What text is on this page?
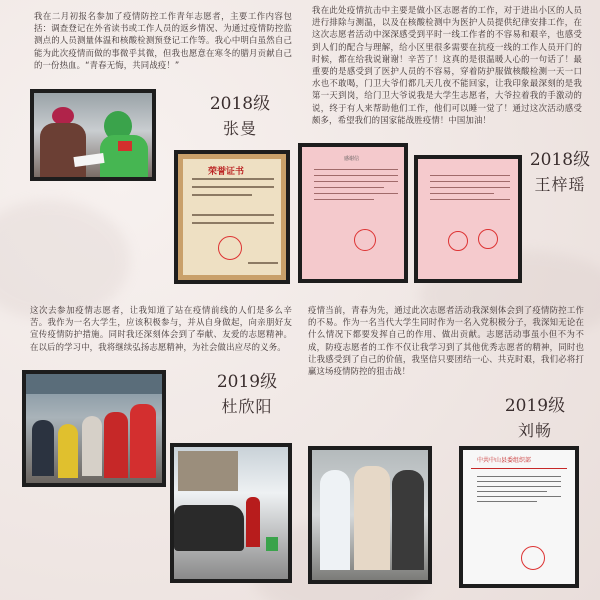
我在二月初报名参加了疫情防控工作青年志愿者，主要工作内容包括：调查登记在外省读书或工作人员的返乡情况、为通过疫情防控监测点的人员测量体温和核酸检测预登记工作等。我心中明白虽然自己能为此次疫情而做的事微乎其微，但我也愿意在寒冬的腊月贡献自己的一份热血。“青春无悔，共同战疫！”
我在此处疫情抗击中主要是做小区志愿者的工作，对于进出小区的人员进行排除与测温，以及在核酸检测中为医护人员提供纪律安排工作，在这次志愿者活动中深深感受到平时一线工作者的不容易和艰辛，也感受到人们的配合与理解，给小区里很多需要在抗疫一线的工作人员开门的时候，都在给我说谢谢！辛苦了！这真的是很温暖人心的一句话了！最重要的是感受到了医护人员的不容易，穿着防护服做核酸检测一天一口水也不敢喝，门卫大爷们都几天几夜不能回家，让我印象最深刻的是我第一天到岗，给门卫大爷说我是大学生志愿者，大爷拉着我的手激动的说，终于有人来帮助他们工作，他们可以睡一觉了！通过这次活动感受颇多，希望我们的国家能战胜疫情！中国加油！
2018级
张曼
荣誉证书
感谢信	2018级
王梓瑶
这次去参加疫情志愿者，让我知道了站在疫情前线的人们是多么辛苦。我作为一名大学生，应该积极参与，并从自身做起，向亲朋好友宣传疫情防护措施。同时我还深刻体会到了奉献、友爱的志愿精神。在以后的学习中，我将继续弘扬志愿精神，为社会做出应尽的义务。
疫情当前，青春为先，通过此次志愿者活动我深刻体会到了疫情防控工作的不易。作为一名当代大学生同时作为一名入党积极分子，我深知无论在什么情况下都要发挥自己的作用、做出贡献。志愿活动事虽小但不为不成，防疫志愿者的工作不仅让我学习到了其他优秀志愿者的精神，同时也让我感受到了自己的价值，我坚信只要团结一心、共克时艰，我们必将打赢这场疫情防控的狙击战！
2019级
杜欣阳	2019级
刘畅
中共中山县委组织部
